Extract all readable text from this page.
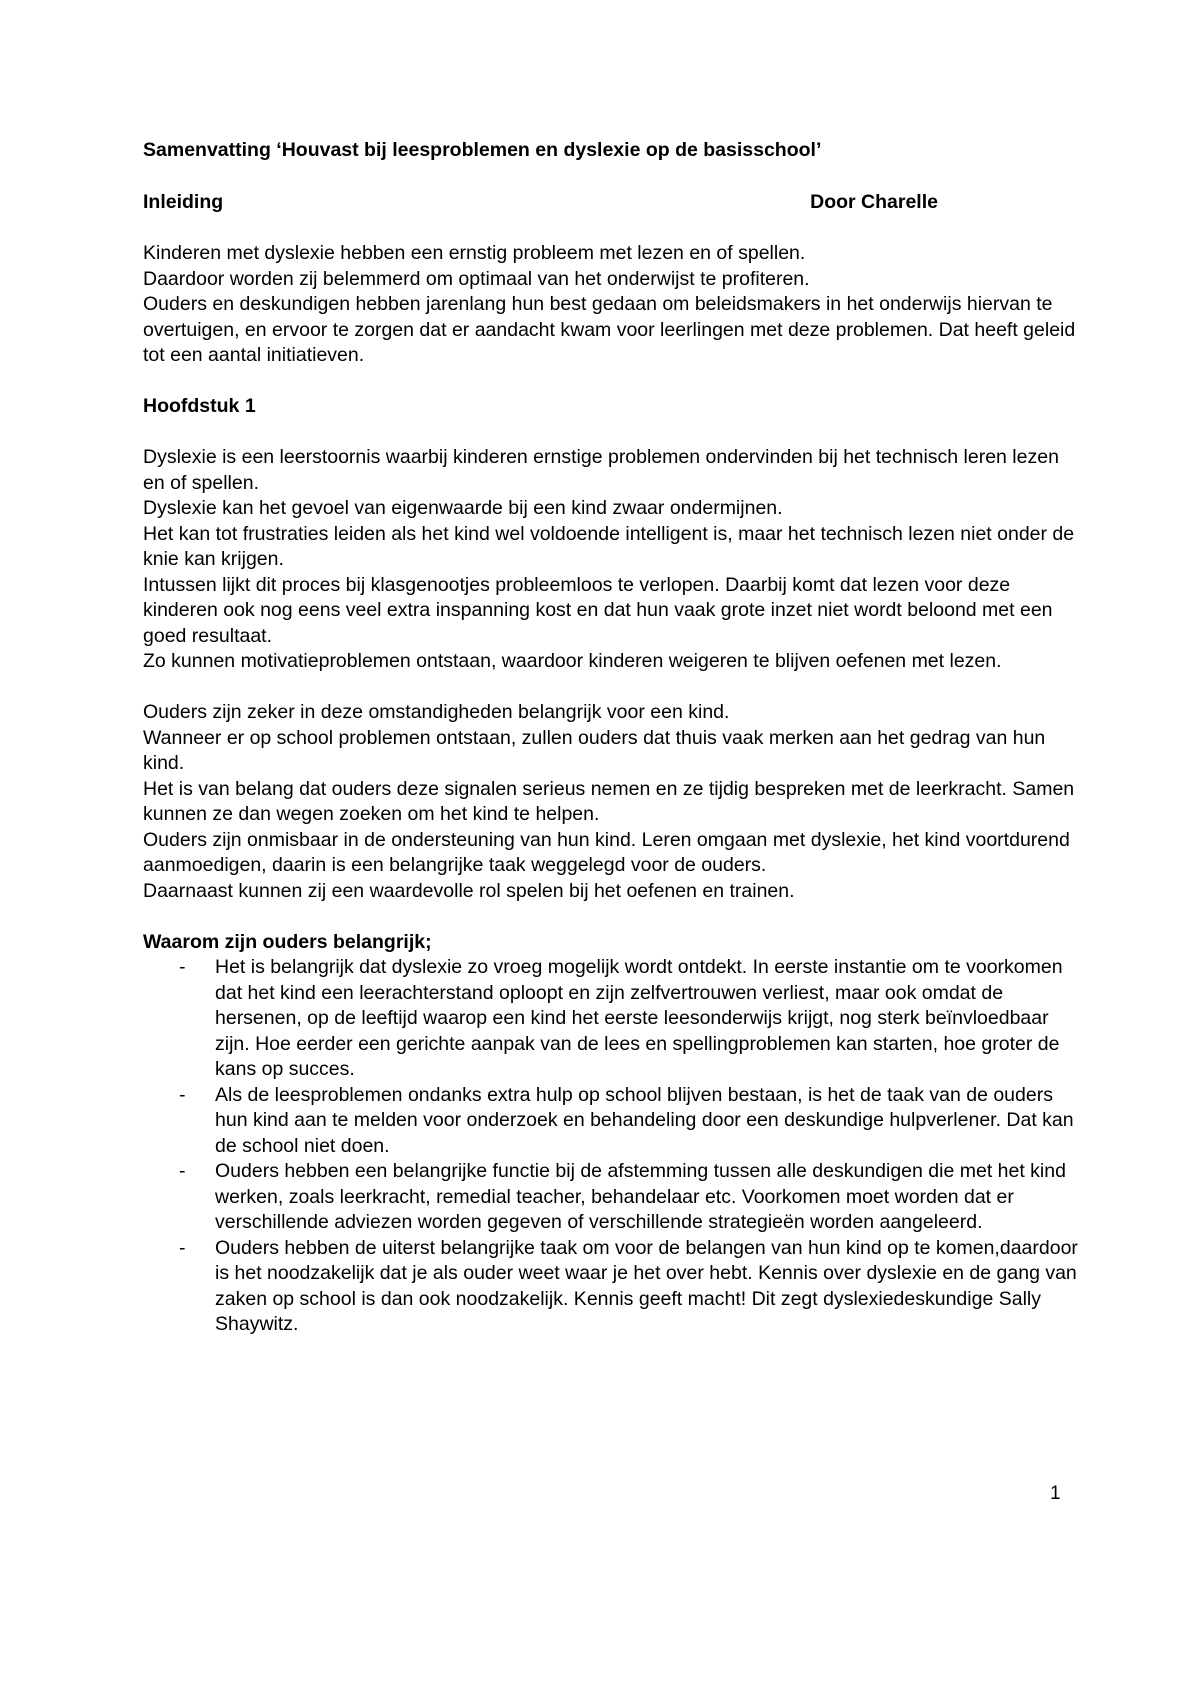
Samenvatting ‘Houvast bij leesproblemen en dyslexie op de basisschool’

Inleiding	Door Charelle

Kinderen met dyslexie hebben een ernstig probleem met lezen en of spellen.

Daardoor worden zij belemmerd om optimaal van het onderwijst te profiteren.

Ouders en deskundigen hebben jarenlang hun best gedaan om beleidsmakers in het onderwijs hiervan te overtuigen, en ervoor te zorgen dat er aandacht kwam voor leerlingen met deze problemen. Dat heeft geleid tot een aantal initiatieven.

Hoofdstuk 1

Dyslexie is een leerstoornis waarbij kinderen ernstige problemen ondervinden bij het technisch leren lezen en of spellen.

Dyslexie kan het gevoel van eigenwaarde bij een kind zwaar ondermijnen.

Het kan tot frustraties leiden als het kind wel voldoende intelligent is, maar het technisch lezen niet onder de knie kan krijgen.

Intussen lijkt dit proces bij klasgenootjes probleemloos te verlopen. Daarbij komt dat lezen voor deze kinderen ook nog eens veel extra inspanning kost en dat hun vaak grote inzet niet wordt beloond met een goed resultaat.

Zo kunnen motivatieproblemen ontstaan, waardoor kinderen weigeren te blijven oefenen met lezen.

Ouders zijn zeker in deze omstandigheden belangrijk voor een kind.

Wanneer er op school problemen ontstaan, zullen ouders dat thuis vaak merken aan het gedrag van hun kind.

Het is van belang dat ouders deze signalen serieus nemen en ze tijdig bespreken met de leerkracht. Samen kunnen ze dan wegen zoeken om het kind te helpen.

Ouders zijn onmisbaar in de ondersteuning van hun kind. Leren omgaan met dyslexie, het kind voortdurend aanmoedigen, daarin is een belangrijke taak weggelegd voor de ouders.

Daarnaast kunnen zij een waardevolle rol spelen bij het oefenen en trainen.

Waarom zijn ouders belangrijk;

- Het is belangrijk dat dyslexie zo vroeg mogelijk wordt ontdekt. In eerste instantie om te voorkomen dat het kind een leerachterstand oploopt en zijn zelfvertrouwen verliest, maar ook omdat de hersenen, op de leeftijd waarop een kind het eerste leesonderwijs krijgt, nog sterk beïnvloedbaar zijn. Hoe eerder een gerichte aanpak van de lees en spellingproblemen kan starten, hoe groter de kans op succes.
- Als de leesproblemen ondanks extra hulp op school blijven bestaan, is het de taak van de ouders hun kind aan te melden voor onderzoek en behandeling door een deskundige hulpverlener. Dat kan de school niet doen.
- Ouders hebben een belangrijke functie bij de afstemming tussen alle deskundigen die met het kind werken, zoals leerkracht, remedial teacher, behandelaar etc. Voorkomen moet worden dat er verschillende adviezen worden gegeven of verschillende strategieën worden aangeleerd.
- Ouders hebben de uiterst belangrijke taak om voor de belangen van hun kind op te komen,daardoor is het noodzakelijk dat je als ouder weet waar je het over hebt. Kennis over dyslexie en de gang van zaken op school is dan ook noodzakelijk. Kennis geeft macht! Dit zegt dyslexiedeskundige Sally Shaywitz.
1
